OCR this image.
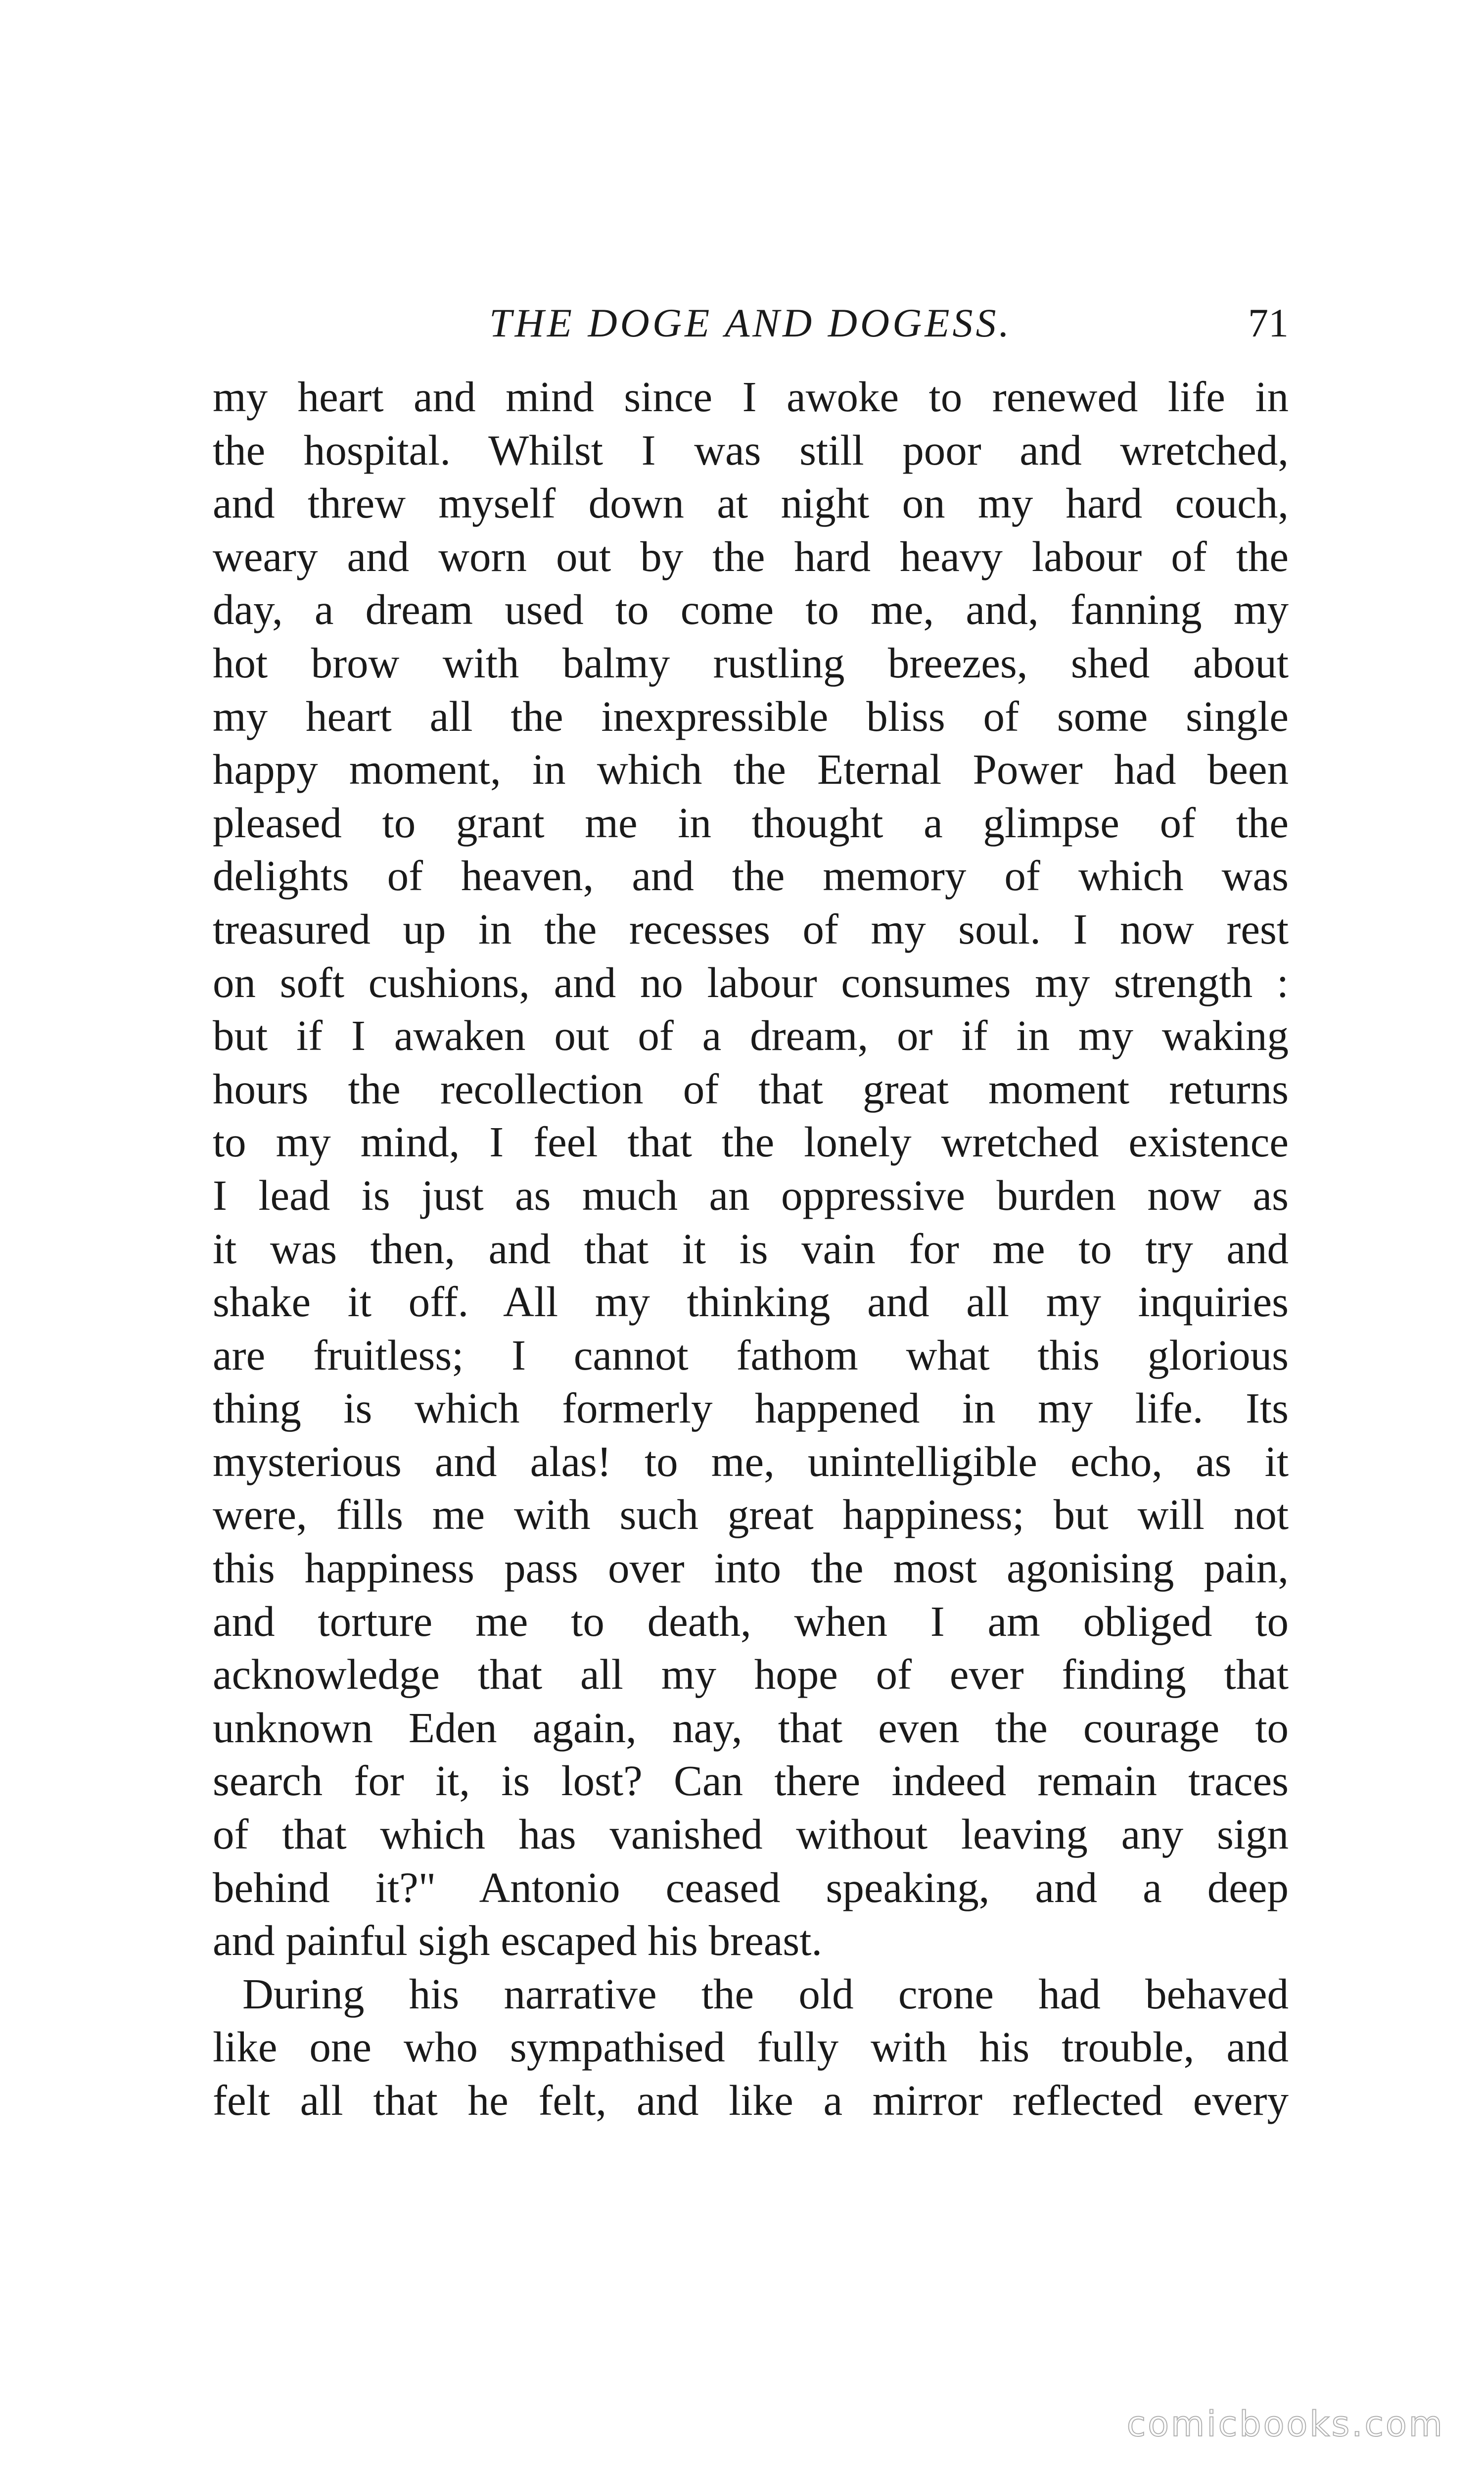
THE DOGE AND DOGESS.	71
my heart and mind since I awoke to renewed life in
the hospital. Whilst I was still poor and wretched,
and threw myself down at night on my hard couch,
weary and worn out by the hard heavy labour of the
day, a dream used to come to me, and, fanning my
hot brow with balmy rustling breezes, shed about
my heart all the inexpressible bliss of some single
happy moment, in which the Eternal Power had been
pleased to grant me in thought a glimpse of the
delights of heaven, and the memory of which was
treasured up in the recesses of my soul. I now rest
on soft cushions, and no labour consumes my strength :
but if I awaken out of a dream, or if in my waking
hours the recollection of that great moment returns
to my mind, I feel that the lonely wretched existence
I lead is just as much an oppressive burden now as
it was then, and that it is vain for me to try and
shake it off. All my thinking and all my inquiries
are fruitless; I cannot fathom what this glorious
thing is which formerly happened in my life. Its
mysterious and alas! to me, unintelligible echo, as it
were, fills me with such great happiness; but will not
this happiness pass over into the most agonising pain,
and torture me to death, when I am obliged to
acknowledge that all my hope of ever finding that
unknown Eden again, nay, that even the courage to
search for it, is lost? Can there indeed remain traces
of that which has vanished without leaving any sign
behind it?" Antonio ceased speaking, and a deep
and painful sigh escaped his breast.
During his narrative the old crone had behaved
like one who sympathised fully with his trouble, and
felt all that he felt, and like a mirror reflected every
comicbooks.com
